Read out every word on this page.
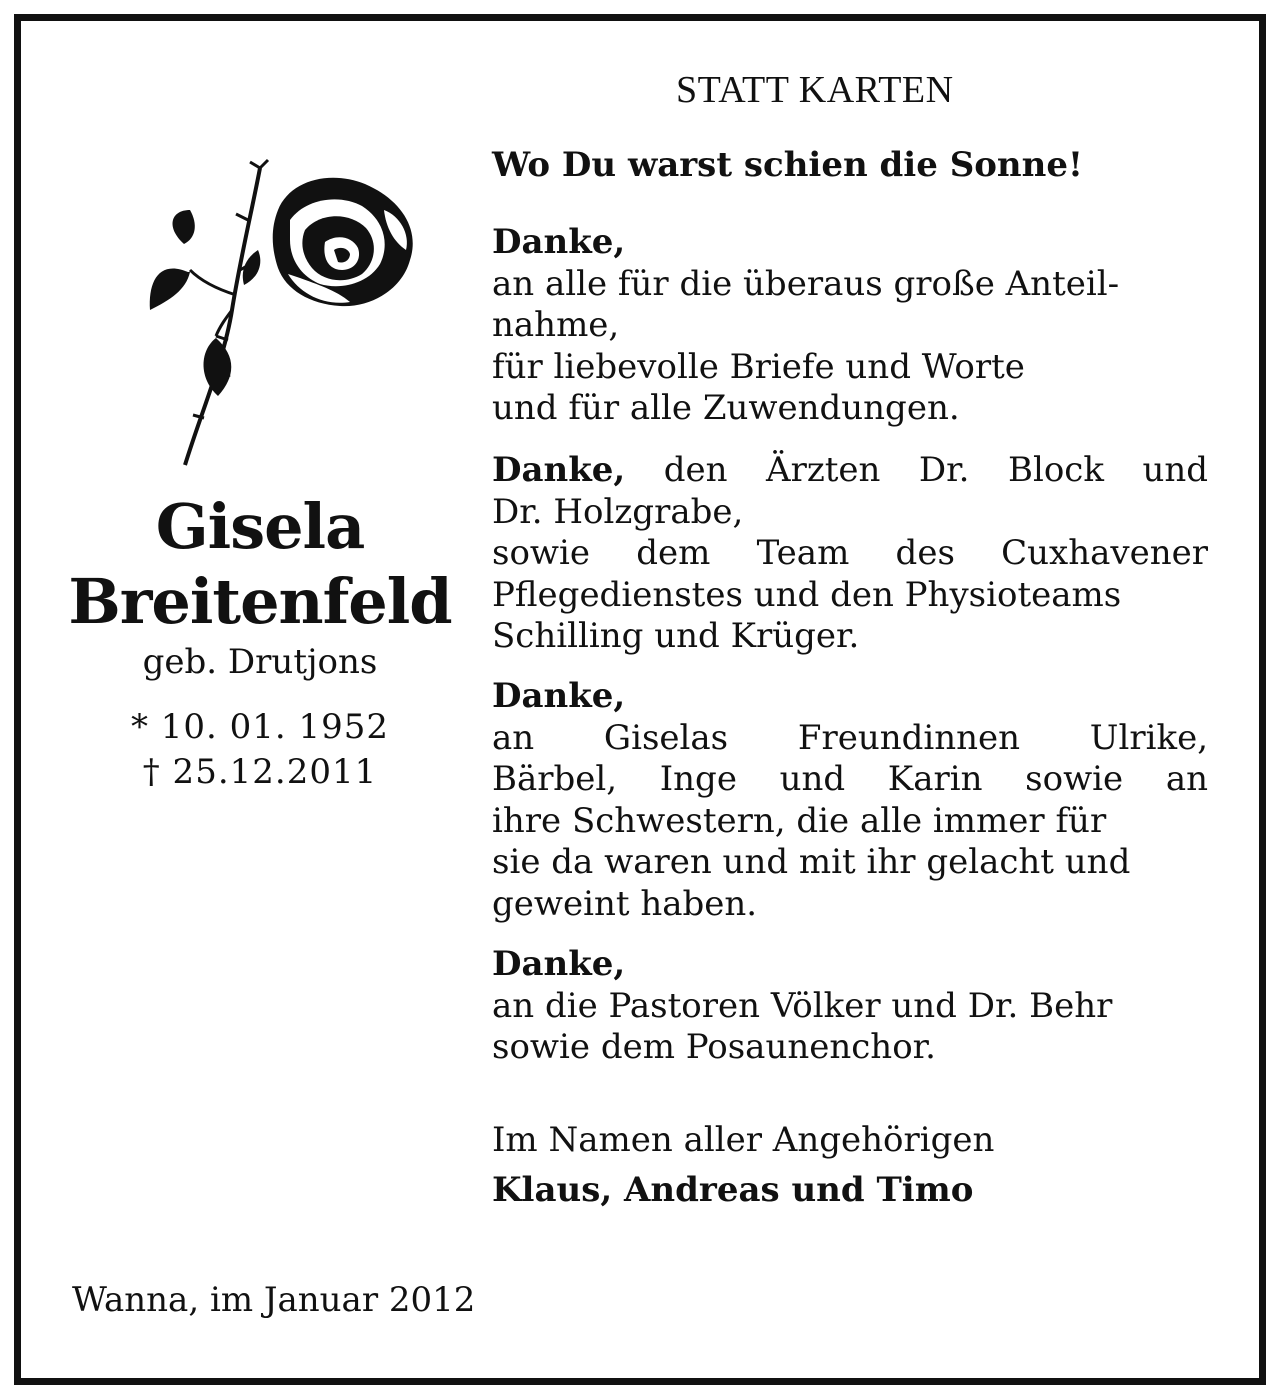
STATT KARTEN
Wo Du warst schien die Sonne!
Gisela
Breitenfeld
geb. Drutjons
* 10. 01. 1952
† 25.12.2011
Danke,
an alle für die überaus große Anteil-
nahme,
für liebevolle Briefe und Worte
und für alle Zuwendungen.
Danke, den Ärzten Dr. Block und
Dr. Holzgrabe,
sowie dem Team des Cuxhavener
Pflegedienstes und den Physioteams
Schilling und Krüger.
Danke,
an Giselas Freundinnen Ulrike,
Bärbel, Inge und Karin sowie an
ihre Schwestern, die alle immer für
sie da waren und mit ihr gelacht und
geweint haben.
Danke,
an die Pastoren Völker und Dr. Behr
sowie dem Posaunenchor.
Im Namen aller Angehörigen
Klaus, Andreas und Timo
Wanna, im Januar 2012
